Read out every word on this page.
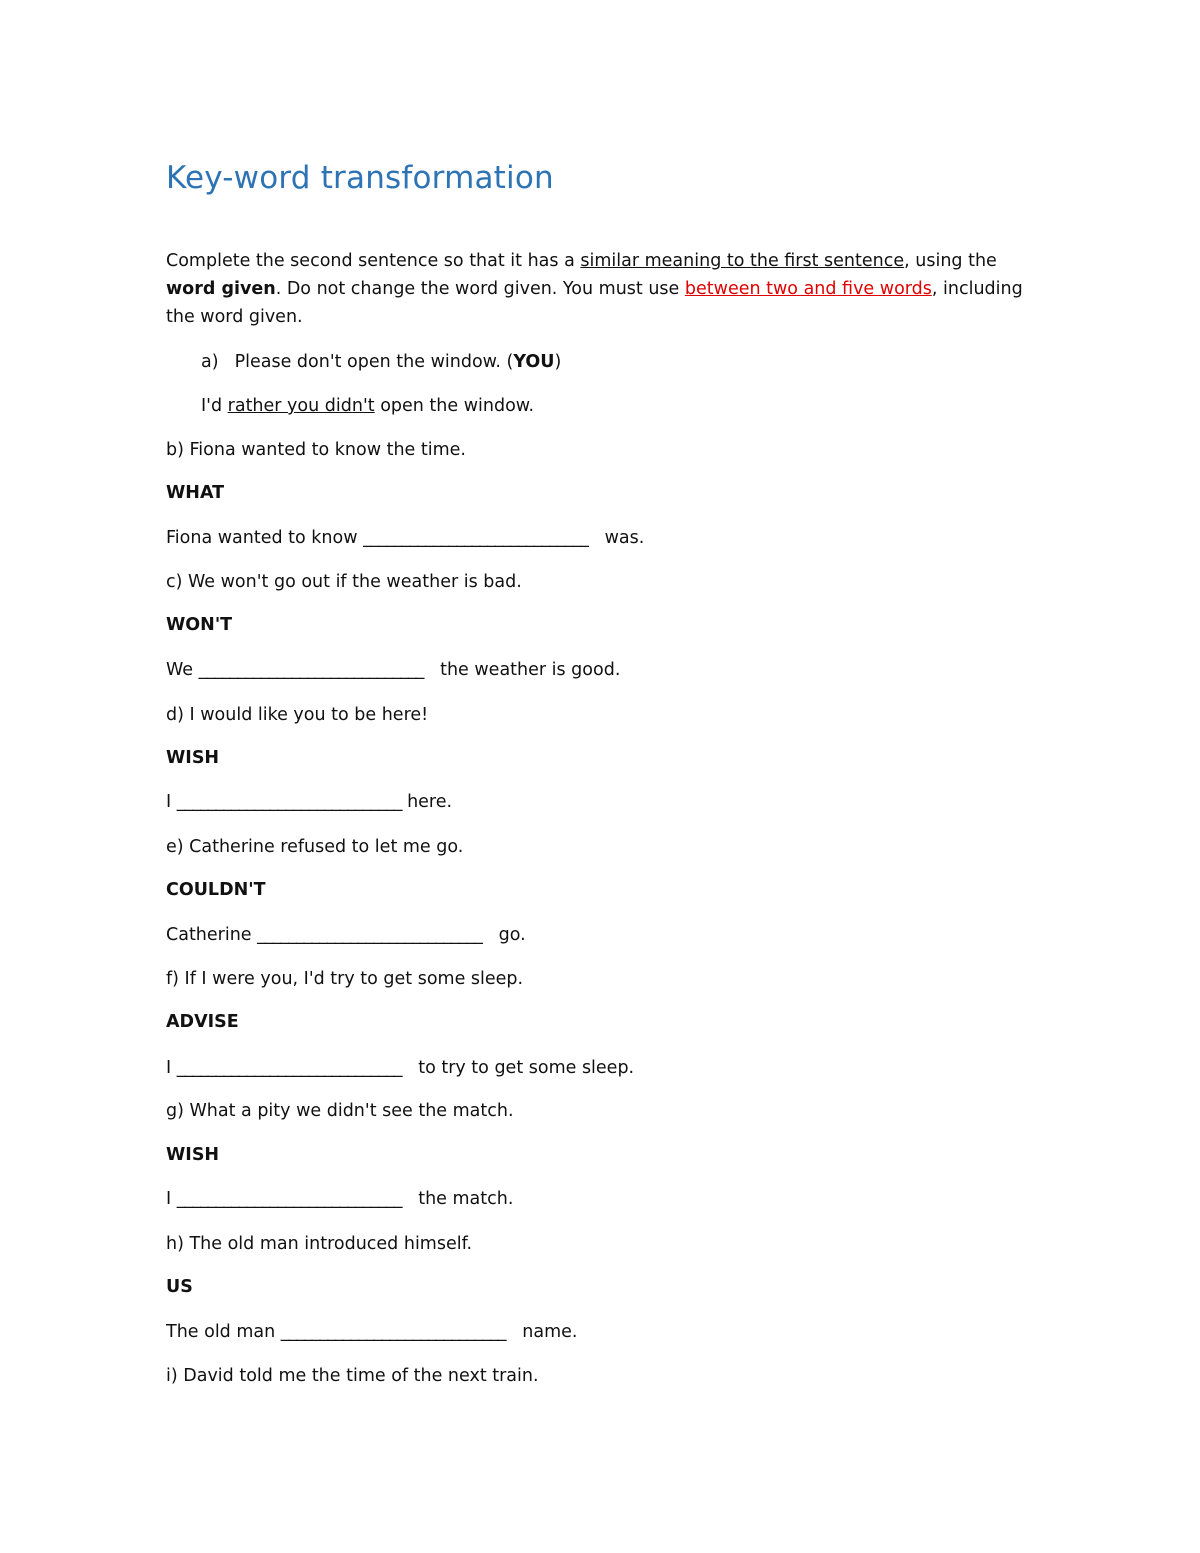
Key-word transformation
Complete the second sentence so that it has a similar meaning to the first sentence, using the
word given. Do not change the word given. You must use between two and five words, including
the word given.
a) Please don't open the window. (YOU)
I'd rather you didn't open the window.
b) Fiona wanted to know the time.
WHAT
Fiona wanted to know _____________________________ was.
c) We won't go out if the weather is bad.
WON'T
We _____________________________ the weather is good.
d) I would like you to be here!
WISH
I _____________________________ here.
e) Catherine refused to let me go.
COULDN'T
Catherine _____________________________ go.
f) If I were you, I'd try to get some sleep.
ADVISE
I _____________________________ to try to get some sleep.
g) What a pity we didn't see the match.
WISH
I _____________________________ the match.
h) The old man introduced himself.
US
The old man _____________________________ name.
i) David told me the time of the next train.
